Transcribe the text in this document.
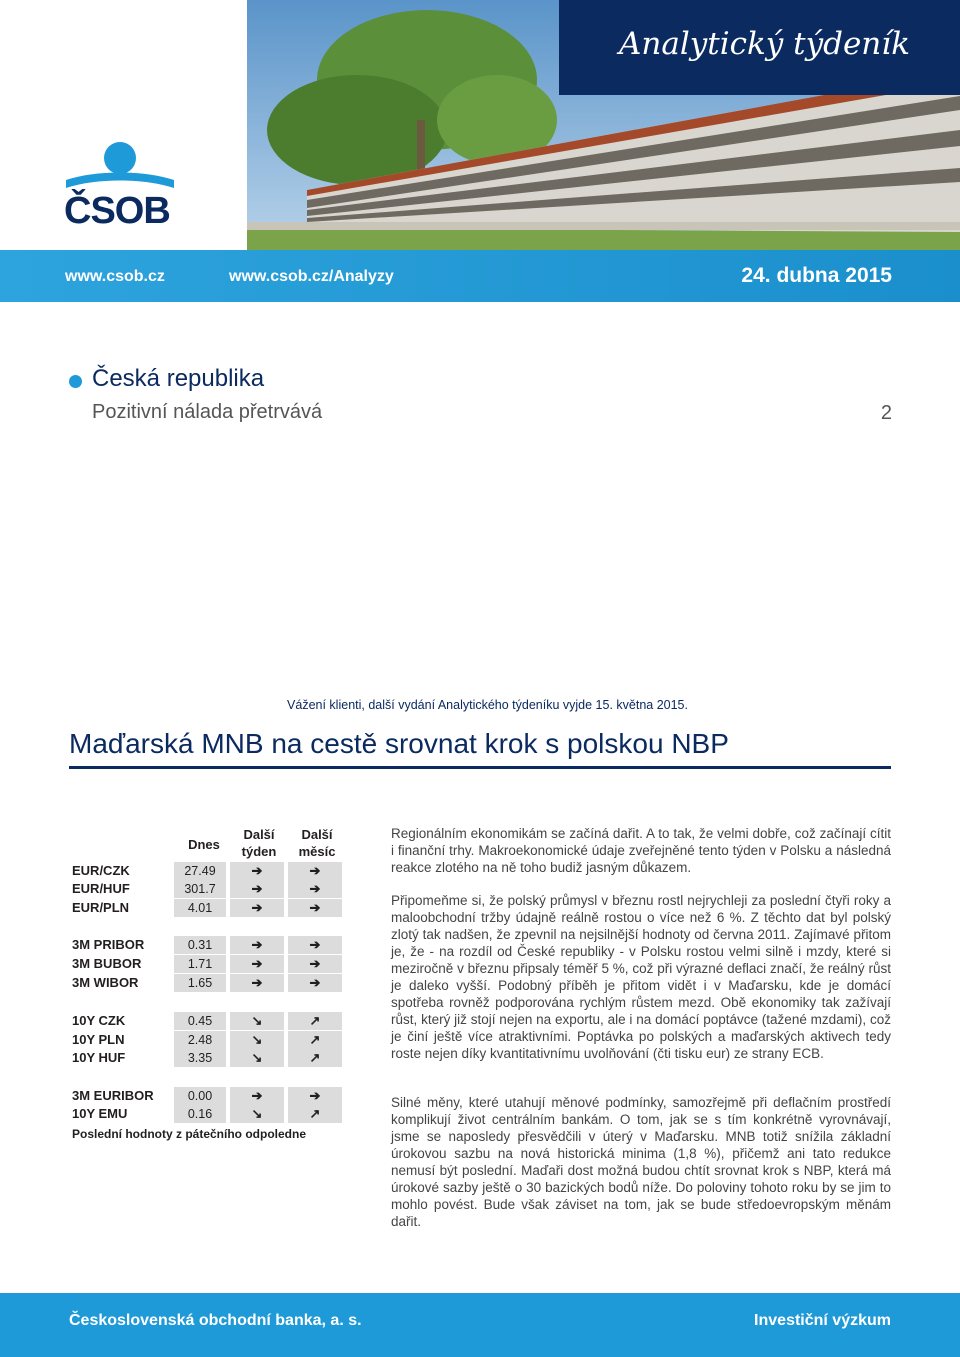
ČSOB
Analytický týdeník
www.csob.cz	www.csob.cz/Analyzy	24. dubna 2015
Česká republika
Pozitivní nálada přetrvává	2
Vážení klienti, další vydání Analytického týdeníku vyjde 15. května 2015.
Maďarská MNB na cestě srovnat krok s polskou NBP
Dnes
Další týden
Další měsíc
EUR/CZK	27.49	➔	➔
EUR/HUF	301.7	➔	➔
EUR/PLN	4.01	➔	➔
3M PRIBOR	0.31	➔	➔
3M BUBOR	1.71	➔	➔
3M WIBOR	1.65	➔	➔
10Y CZK	0.45	↘	↗
10Y PLN	2.48	↘	↗
10Y HUF	3.35	↘	↗
3M EURIBOR	0.00	➔	➔
10Y EMU	0.16	↘	↗
Poslední hodnoty z pátečního odpoledne

Regionálním ekonomikám se začíná dařit. A to tak, že velmi dobře, což začínají cítit i finanční trhy. Makroekonomické údaje zveřejněné tento týden v Polsku a následná reakce zlotého na ně toho budiž jasným důkazem.

Připomeňme si, že polský průmysl v březnu rostl nejrychleji za poslední čtyři roky a maloobchodní tržby údajně reálně rostou o více než 6 %. Z těchto dat byl polský zlotý tak nadšen, že zpevnil na nejsilnější hodnoty od června 2011. Zajímavé přitom je, že - na rozdíl od České republiky - v Polsku rostou velmi silně i mzdy, které si meziročně v březnu připsaly téměř 5 %, což při výrazné deflaci značí, že reálný růst je daleko vyšší. Podobný příběh je přitom vidět i v Maďarsku, kde je domácí spotřeba rovněž podporována rychlým růstem mezd. Obě ekonomiky tak zažívají růst, který již stojí nejen na exportu, ale i na domácí poptávce (tažené mzdami), což je činí ještě více atraktivními. Poptávka po polských a maďarských aktivech tedy roste nejen díky kvantitativnímu uvolňování (čti tisku eur) ze strany ECB.

Silné měny, které utahují měnové podmínky, samozřejmě při deflačním prostředí komplikují život centrálním bankám. O tom, jak se s tím konkrétně vyrovnávají, jsme se naposledy přesvědčili v úterý v Maďarsku. MNB totiž snížila základní úrokovou sazbu na nová historická minima (1,8 %), přičemž ani tato redukce nemusí být poslední. Maďaři dost možná budou chtít srovnat krok s NBP, která má úrokové sazby ještě o 30 bazických bodů níže. Do poloviny tohoto roku by se jim to mohlo povést. Bude však záviset na tom, jak se bude středoevropským měnám dařit.

Československá obchodní banka, a. s.	Investiční výzkum
